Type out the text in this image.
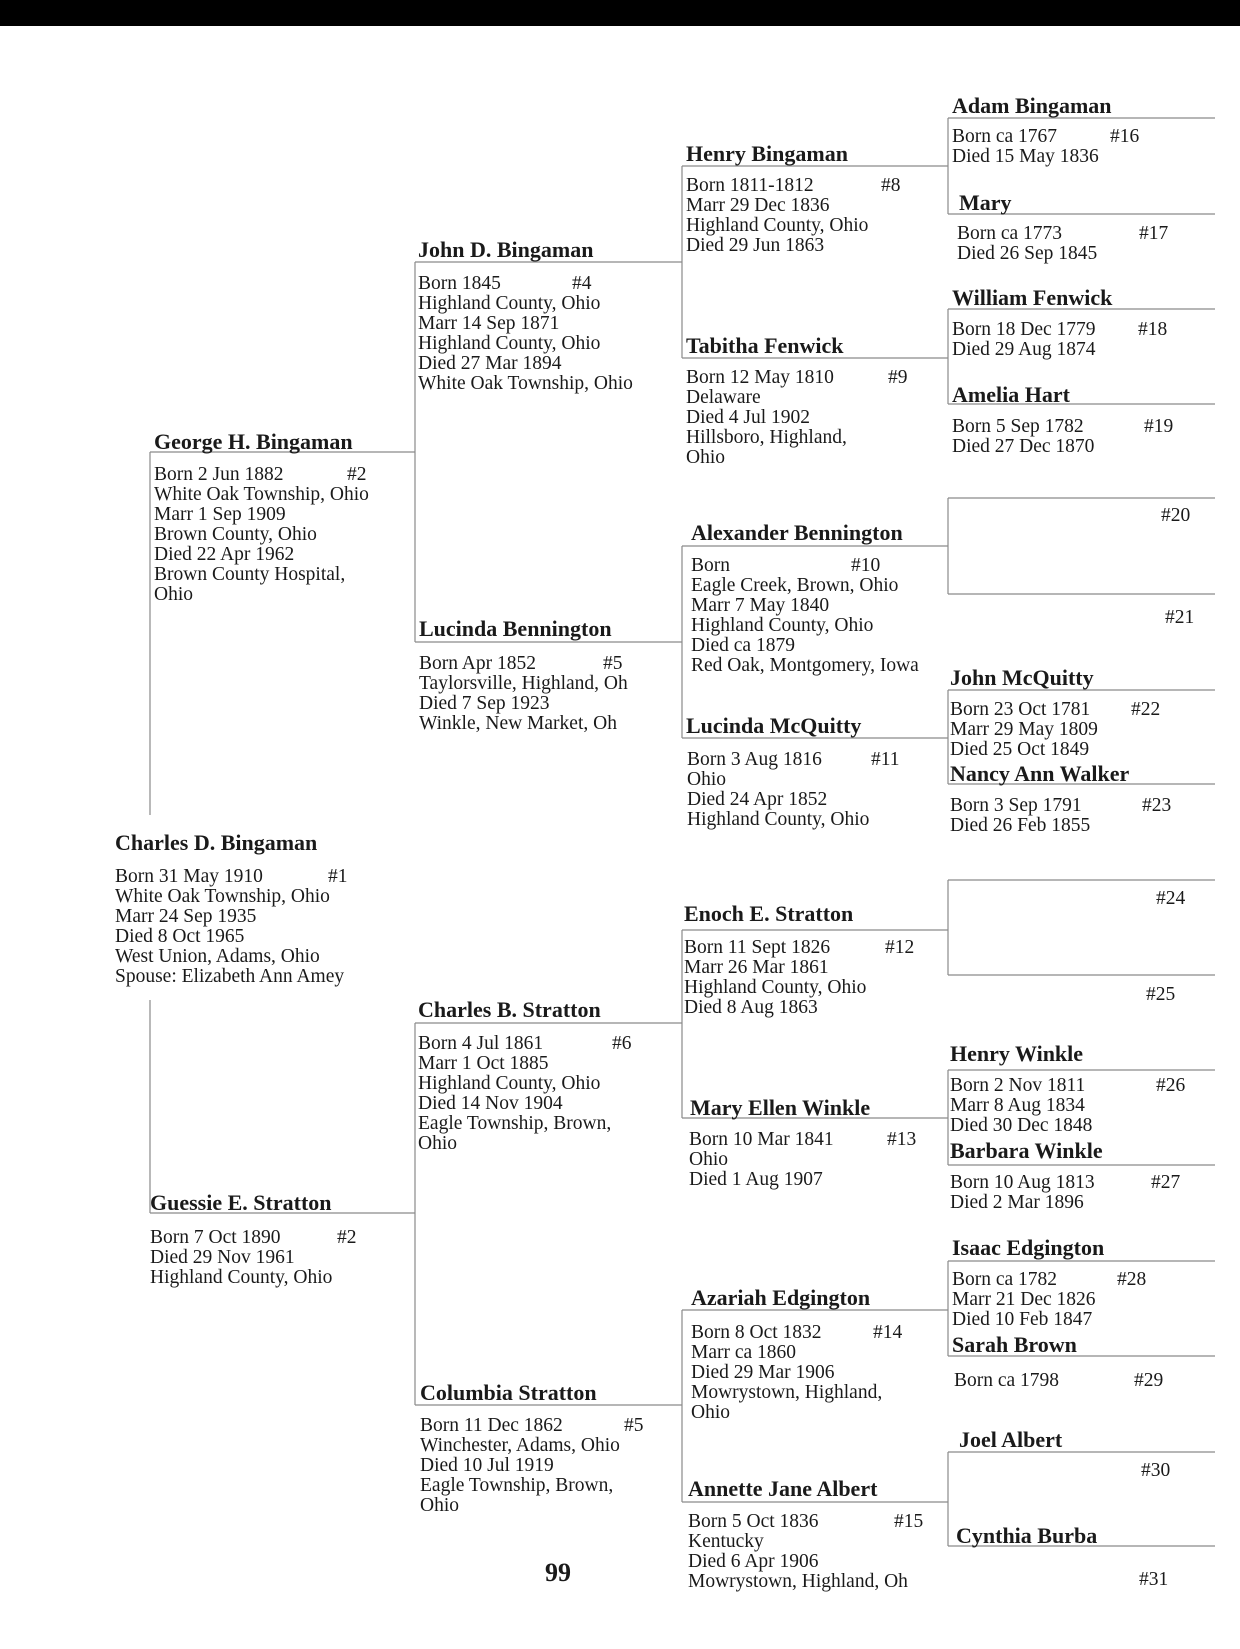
Charles D. Bingaman
Born 31 May 1910
White Oak Township, Ohio
Marr 24 Sep 1935
Died 8 Oct 1965
West Union, Adams, Ohio
Spouse: Elizabeth Ann Amey
#1
George H. Bingaman
Born 2 Jun 1882
White Oak Township, Ohio
Marr 1 Sep 1909
Brown County, Ohio
Died 22 Apr 1962
Brown County Hospital,
Ohio
#2
Guessie E. Stratton
Born 7 Oct 1890
Died 29 Nov 1961
Highland County, Ohio
#2
John D. Bingaman
Born 1845
Highland County, Ohio
Marr 14 Sep 1871
Highland County, Ohio
Died 27 Mar 1894
White Oak Township, Ohio
#4
Lucinda Bennington
Born Apr 1852
Taylorsville, Highland, Oh
Died 7 Sep 1923
Winkle, New Market, Oh
#5
Charles B. Stratton
Born 4 Jul 1861
Marr 1 Oct 1885
Highland County, Ohio
Died 14 Nov 1904
Eagle Township, Brown,
Ohio
#6
Columbia Stratton
Born 11 Dec 1862
Winchester, Adams, Ohio
Died 10 Jul 1919
Eagle Township, Brown,
Ohio
#5
Henry Bingaman
Born 1811-1812
Marr 29 Dec 1836
Highland County, Ohio
Died 29 Jun 1863
#8
Tabitha Fenwick
Born 12 May 1810
Delaware
Died 4 Jul 1902
Hillsboro, Highland,
Ohio
#9
Alexander Bennington
Born
Eagle Creek, Brown, Ohio
Marr 7 May 1840
Highland County, Ohio
Died ca 1879
Red Oak, Montgomery, Iowa
#10
Lucinda McQuitty
Born 3 Aug 1816
Ohio
Died 24 Apr 1852
Highland County, Ohio
#11
Enoch E. Stratton
Born 11 Sept 1826
Marr 26 Mar 1861
Highland County, Ohio
Died 8 Aug 1863
#12
Mary Ellen Winkle
Born 10 Mar 1841
Ohio
Died 1 Aug 1907
#13
Azariah Edgington
Born 8 Oct 1832
Marr ca 1860
Died 29 Mar 1906
Mowrystown, Highland,
Ohio
#14
Annette Jane Albert
Born 5 Oct 1836
Kentucky
Died 6 Apr 1906
Mowrystown, Highland, Oh
#15
Adam Bingaman
Born ca 1767
Died 15 May 1836
#16
Mary
Born ca 1773
Died 26 Sep 1845
#17
William Fenwick
Born 18 Dec 1779
Died 29 Aug 1874
#18
Amelia Hart
Born 5 Sep 1782
Died 27 Dec 1870
#19
#20
#21
John McQuitty
Born 23 Oct 1781
Marr 29 May 1809
Died 25 Oct 1849
#22
Nancy Ann Walker
Born 3 Sep 1791
Died 26 Feb 1855
#23
#24
#25
Henry Winkle
Born 2 Nov 1811
Marr 8 Aug 1834
Died 30 Dec 1848
#26
Barbara Winkle
Born 10 Aug 1813
Died 2 Mar 1896
#27
Isaac Edgington
Born ca 1782
Marr 21 Dec 1826
Died 10 Feb 1847
#28
Sarah Brown
Born ca 1798	#29
Joel Albert
#30
Cynthia Burba
#31
99
